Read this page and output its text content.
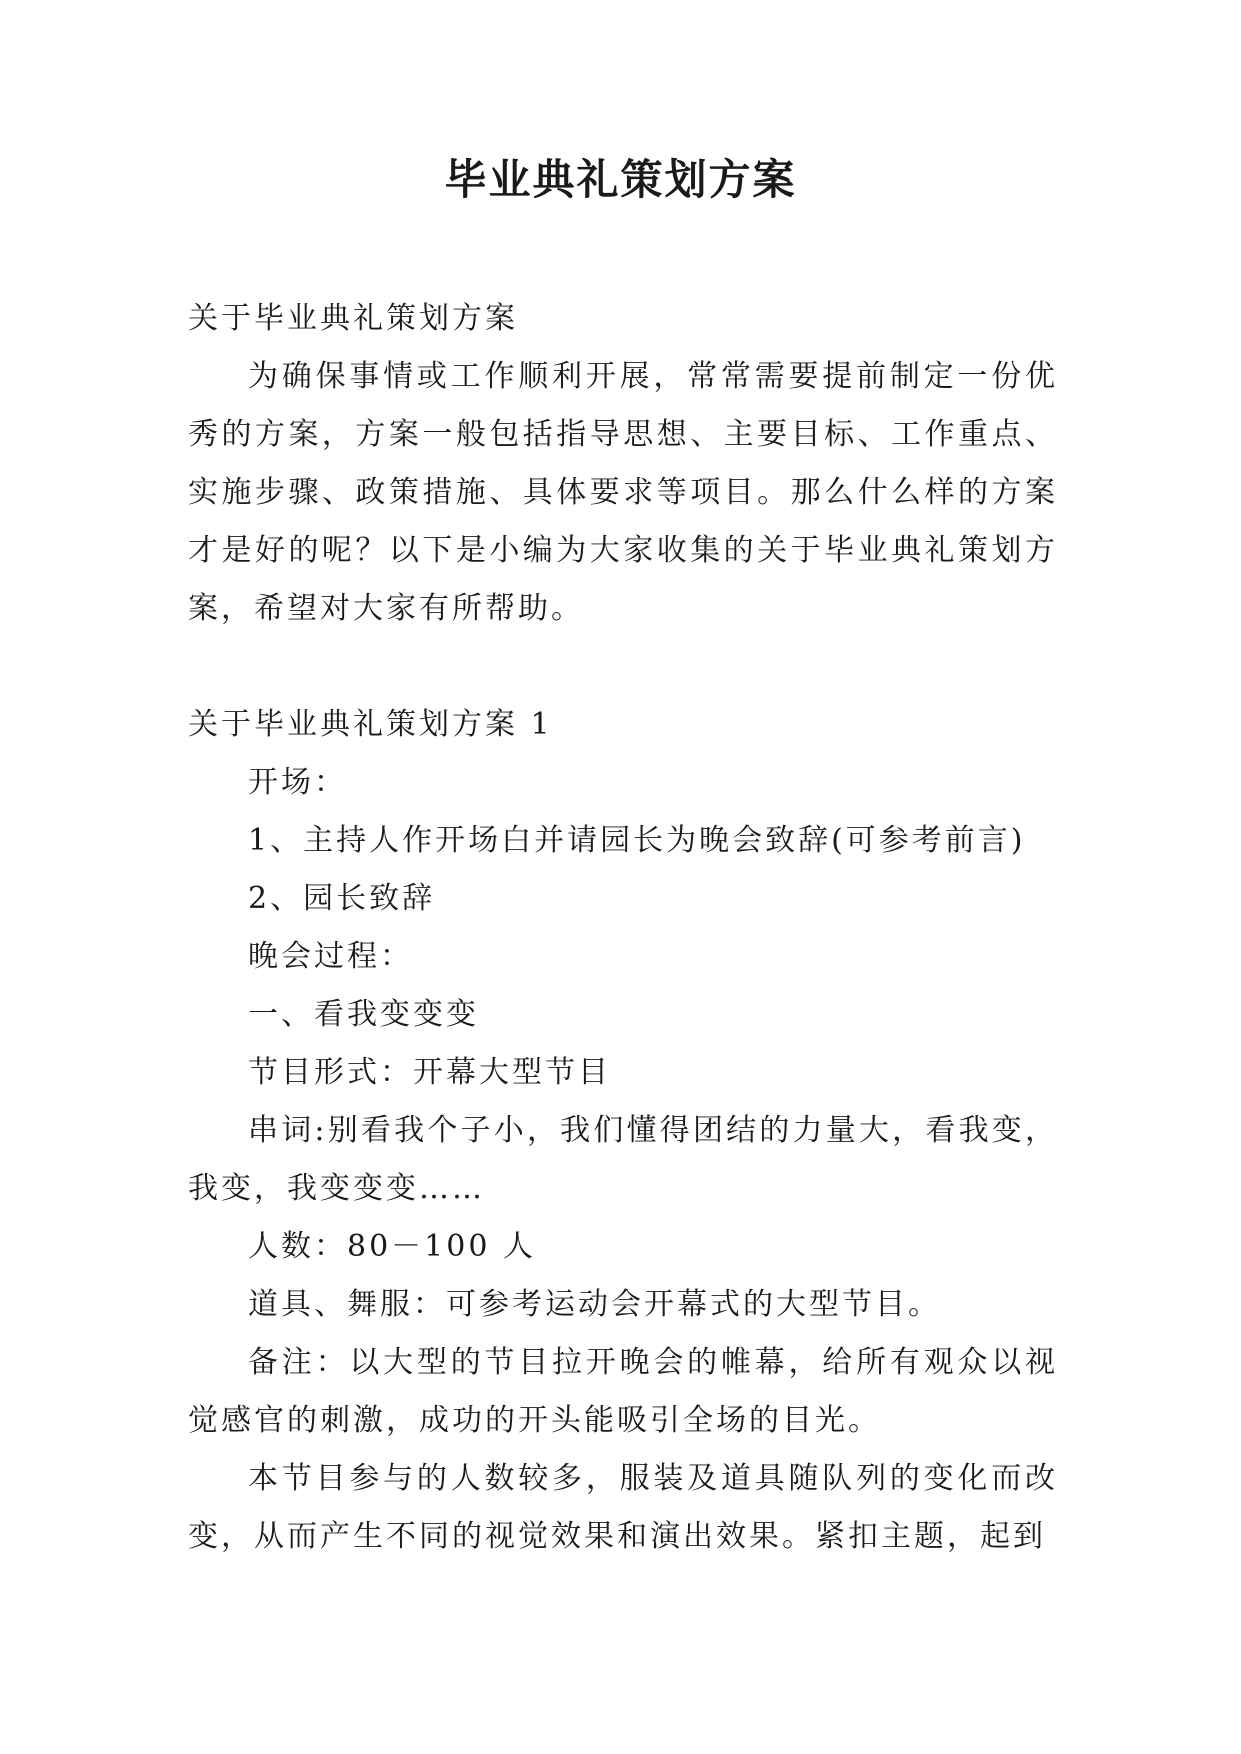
毕业典礼策划方案

关于毕业典礼策划方案

为确保事情或工作顺利开展，常常需要提前制定一份优秀的方案，方案一般包括指导思想、主要目标、工作重点、实施步骤、政策措施、具体要求等项目。那么什么样的方案才是好的呢？以下是小编为大家收集的关于毕业典礼策划方案，希望对大家有所帮助。

关于毕业典礼策划方案 1

开场：

1、主持人作开场白并请园长为晚会致辞(可参考前言)

2、园长致辞

晚会过程：

一、看我变变变

节目形式：开幕大型节目

串词:别看我个子小，我们懂得团结的力量大，看我变，我变，我变变变……

人数：80－100 人

道具、舞服：可参考运动会开幕式的大型节目。

备注：以大型的节目拉开晚会的帷幕，给所有观众以视觉感官的刺激，成功的开头能吸引全场的目光。

本节目参与的人数较多，服装及道具随队列的变化而改变，从而产生不同的视觉效果和演出效果。紧扣主题，起到
